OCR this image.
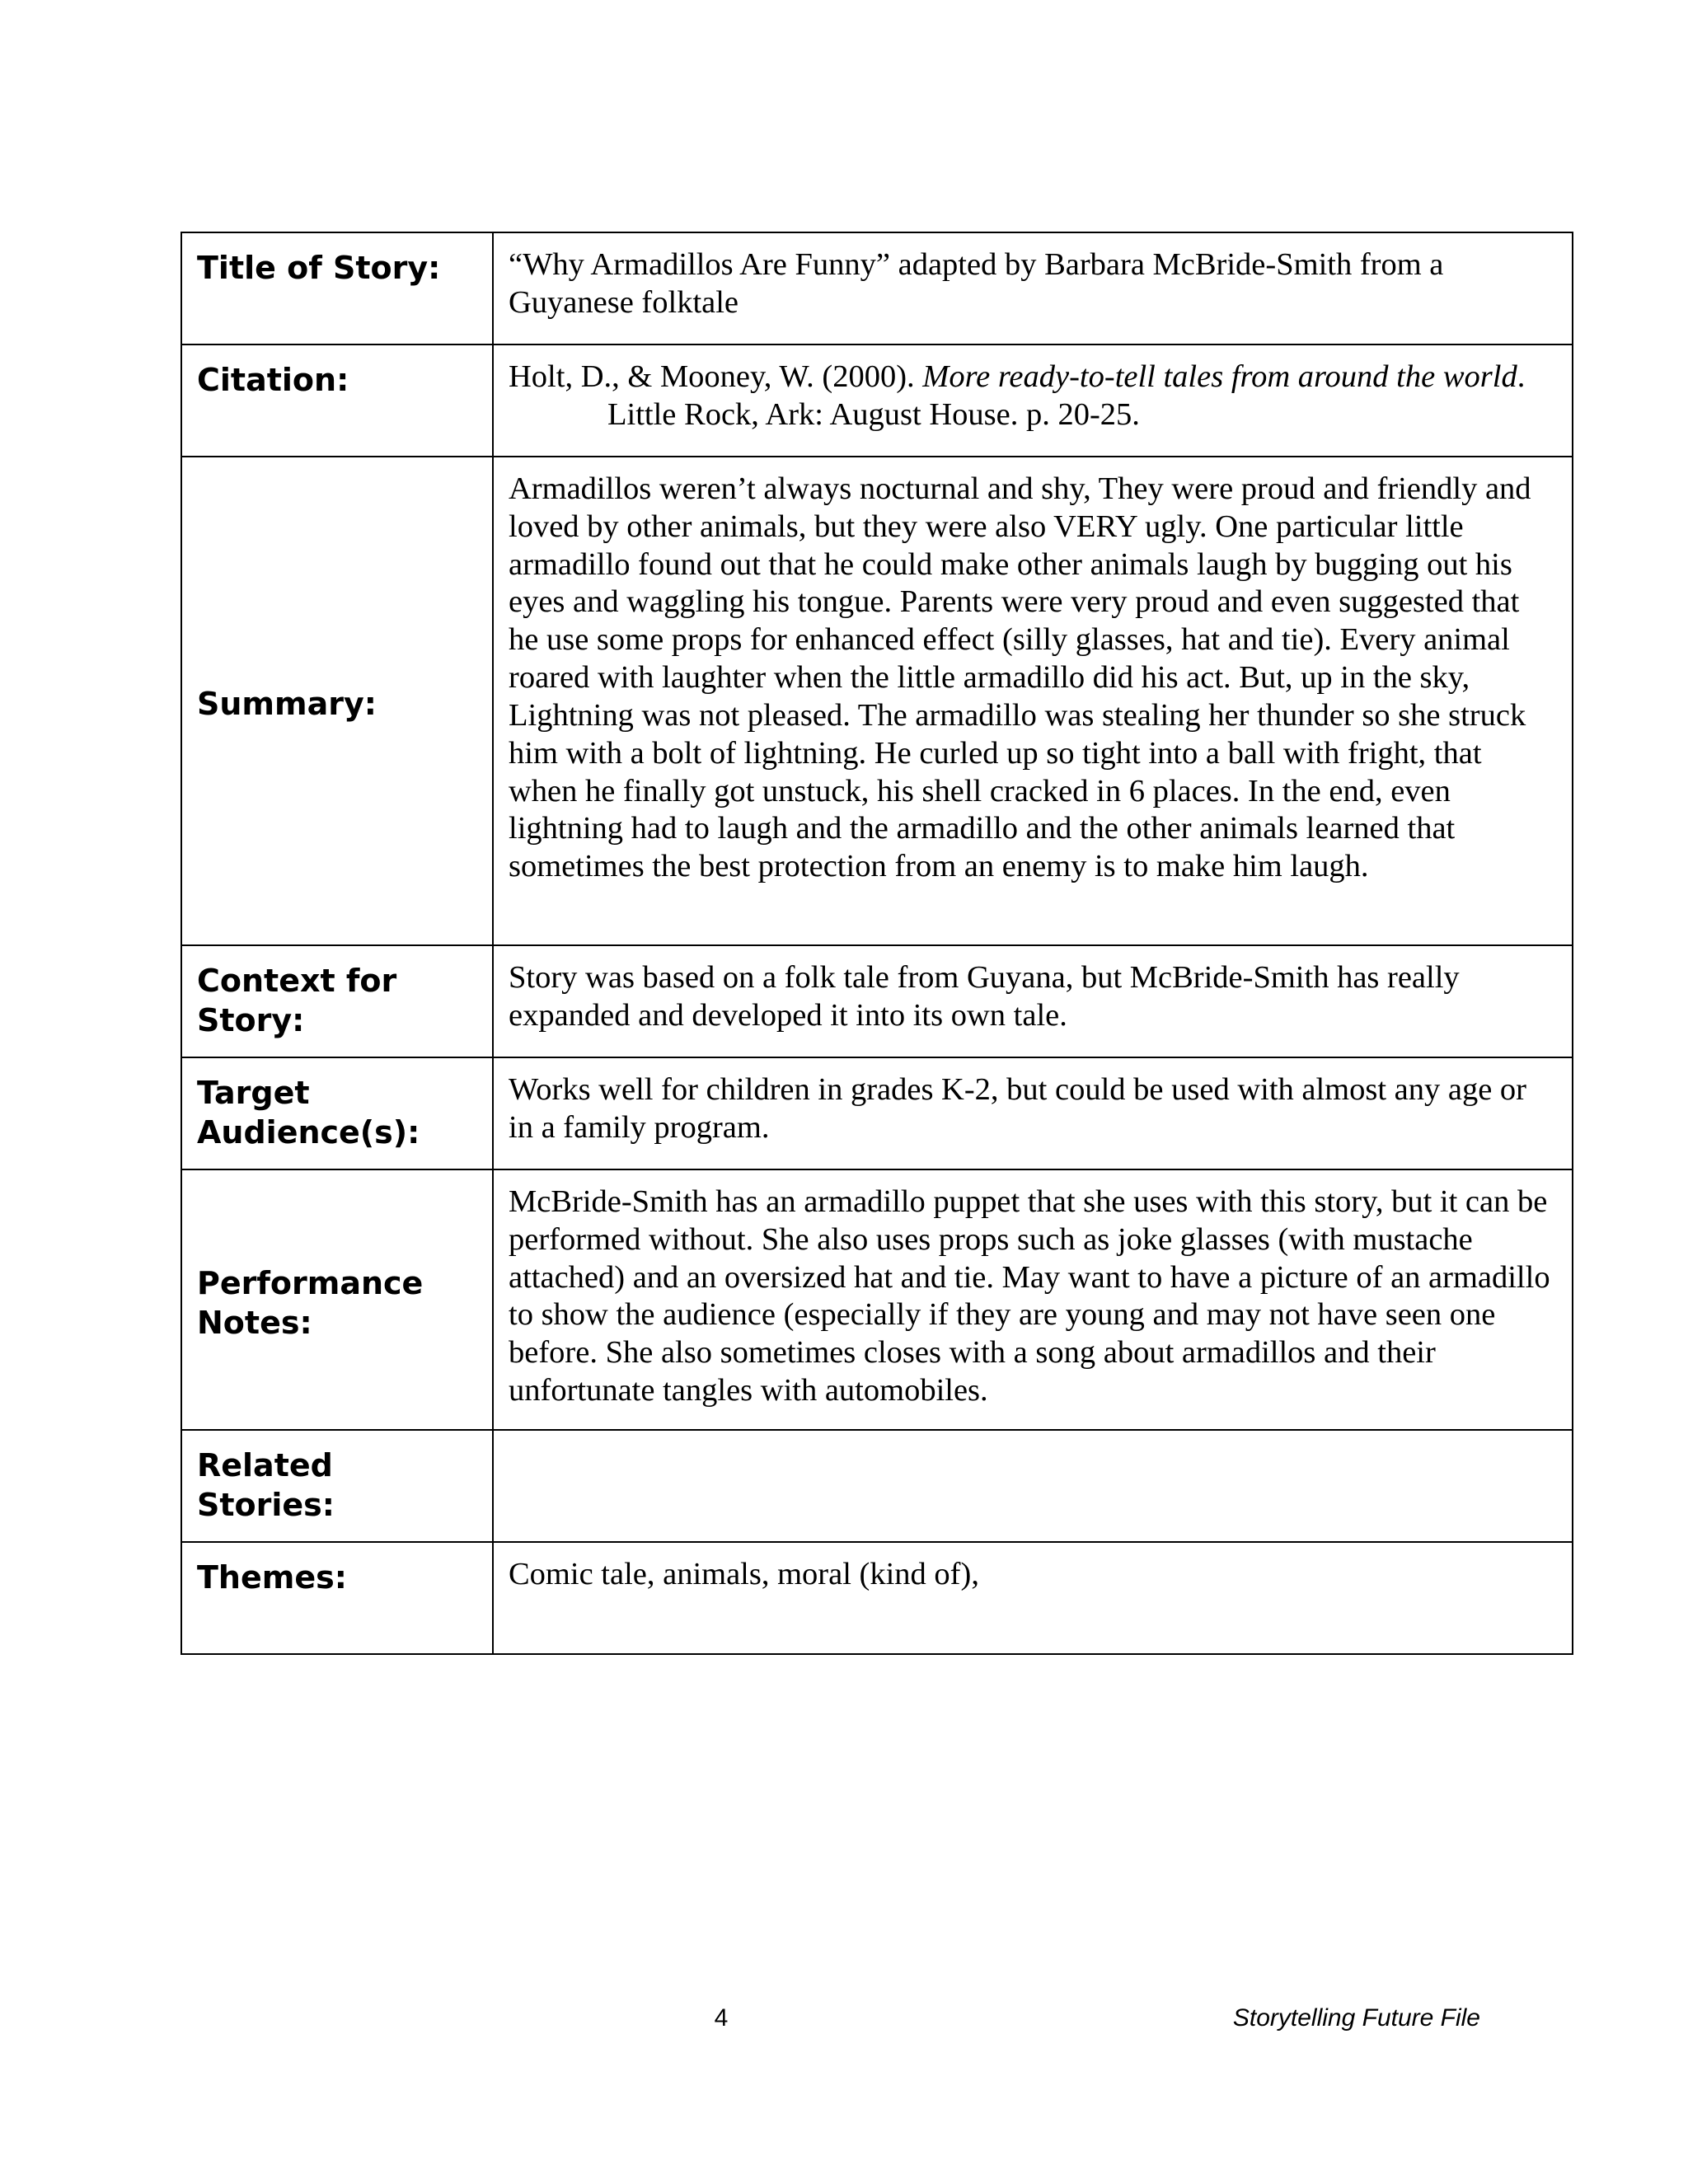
Title of Story:	“Why Armadillos Are Funny” adapted by Barbara McBride-Smith from a Guyanese folktale
Citation:	Holt, D., & Mooney, W. (2000). More ready-to-tell tales from around the world. Little Rock, Ark: August House. p. 20-25.

Summary:	Armadillos weren’t always nocturnal and shy, They were proud and friendly and loved by other animals, but they were also VERY ugly. One particular little armadillo found out that he could make other animals laugh by bugging out his eyes and waggling his tongue. Parents were very proud and even suggested that he use some props for enhanced effect (silly glasses, hat and tie). Every animal roared with laughter when the little armadillo did his act. But, up in the sky, Lightning was not pleased. The armadillo was stealing her thunder so she struck him with a bolt of lightning. He curled up so tight into a ball with fright, that when he finally got unstuck, his shell cracked in 6 places. In the end, even lightning had to laugh and the armadillo and the other animals learned that sometimes the best protection from an enemy is to make him laugh.
Context for Story:	Story was based on a folk tale from Guyana, but McBride-Smith has really expanded and developed it into its own tale.
Target Audience(s):	Works well for children in grades K-2, but could be used with almost any age or in a family program.
Performance Notes:	McBride-Smith has an armadillo puppet that she uses with this story, but it can be performed without. She also uses props such as joke glasses (with mustache attached) and an oversized hat and tie. May want to have a picture of an armadillo to show the audience (especially if they are young and may not have seen one before. She also sometimes closes with a song about armadillos and their unfortunate tangles with automobiles.
Related Stories:	
Themes:	Comic tale, animals, moral (kind of),
4	Storytelling Future File
